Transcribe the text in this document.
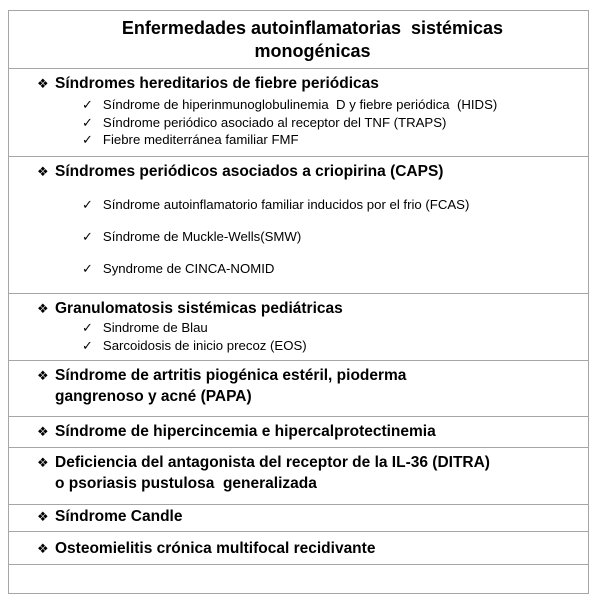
Enfermedades autoinflamatorias  sistémicas
monogénicas
❖ Síndromes hereditarios de fiebre periódicas
✓ Síndrome de hiperinmunoglobulinemia  D y fiebre periódica  (HIDS)
✓ Síndrome periódico asociado al receptor del TNF (TRAPS)
✓ Fiebre mediterránea familiar FMF
❖ Síndromes periódicos asociados a criopirina (CAPS)
✓ Síndrome autoinflamatorio familiar inducidos por el frio (FCAS)
✓ Síndrome de Muckle-Wells(SMW)
✓ Syndrome de CINCA-NOMID
❖ Granulomatosis sistémicas pediátricas
✓ Sindrome de Blau
✓ Sarcoidosis de inicio precoz (EOS)
❖ Síndrome de artritis piogénica estéril, pioderma
gangrenoso y acné (PAPA)
❖ Síndrome de hipercincemia e hipercalprotectinemia
❖ Deficiencia del antagonista del receptor de la IL-36 (DITRA)
o psoriasis pustulosa  generalizada
❖ Síndrome Candle
❖ Osteomielitis crónica multifocal recidivante
